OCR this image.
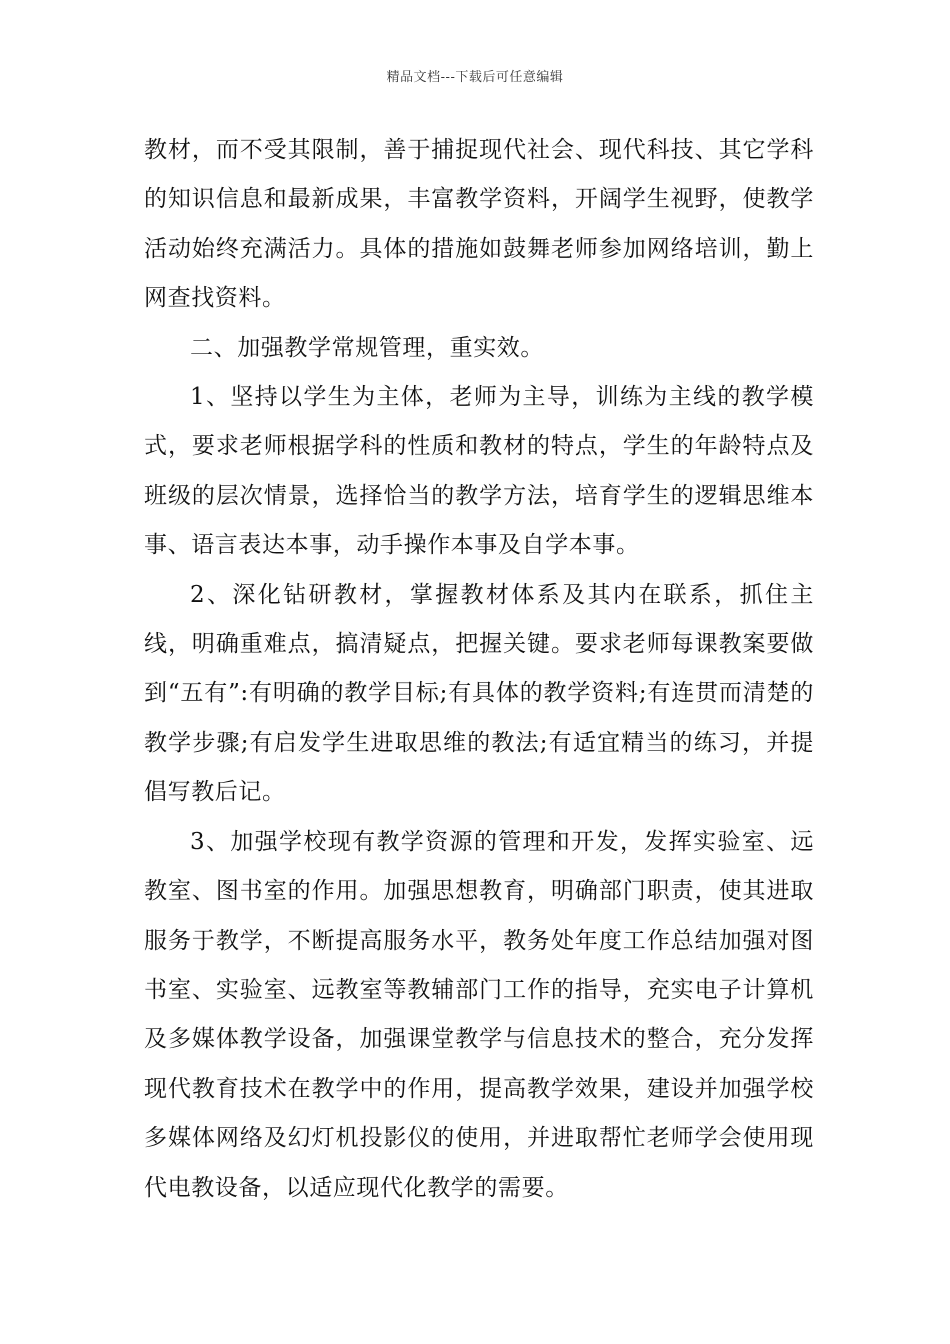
精品文档---下载后可任意编辑

教材，而不受其限制，善于捕捉现代社会、现代科技、其它学科的知识信息和最新成果，丰富教学资料，开阔学生视野，使教学活动始终充满活力。具体的措施如鼓舞老师参加网络培训，勤上网查找资料。

二、加强教学常规管理，重实效。

1、坚持以学生为主体，老师为主导，训练为主线的教学模式，要求老师根据学科的性质和教材的特点，学生的年龄特点及班级的层次情景，选择恰当的教学方法，培育学生的逻辑思维本事、语言表达本事，动手操作本事及自学本事。

2、深化钻研教材，掌握教材体系及其内在联系，抓住主线，明确重难点，搞清疑点，把握关键。要求老师每课教案要做到“五有”:有明确的教学目标;有具体的教学资料;有连贯而清楚的教学步骤;有启发学生进取思维的教法;有适宜精当的练习，并提倡写教后记。

3、加强学校现有教学资源的管理和开发，发挥实验室、远教室、图书室的作用。加强思想教育，明确部门职责，使其进取服务于教学，不断提高服务水平，教务处年度工作总结加强对图书室、实验室、远教室等教辅部门工作的指导，充实电子计算机及多媒体教学设备，加强课堂教学与信息技术的整合，充分发挥现代教育技术在教学中的作用，提高教学效果，建设并加强学校多媒体网络及幻灯机投影仪的使用，并进取帮忙老师学会使用现代电教设备，以适应现代化教学的需要。
